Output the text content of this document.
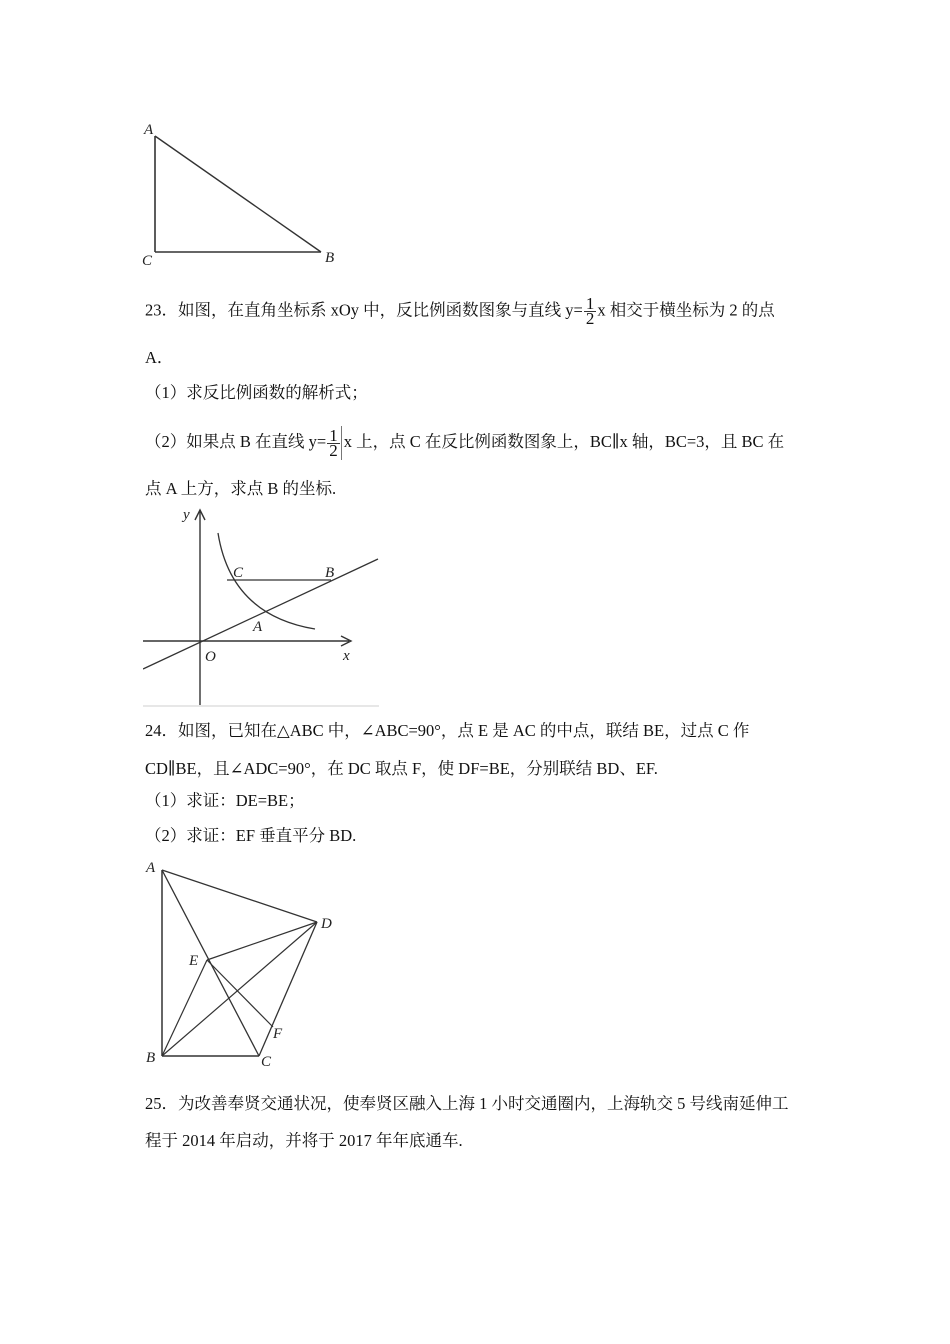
A
C	B
23．如图，在直角坐标系 xOy 中，反比例函数图象与直线 $y= \frac{1}{2}$ x 相交于横坐标为 2 的点
A．
（1）求反比例函数的解析式；
（2）如果点 B 在直线 $y= \frac{1}{2}$ x 上，点 C 在反比例函数图象上，BC∥x 轴，BC=3，且 BC 在
点 A 上方，求点 B 的坐标.
y
x
O
C	B
A
24．如图，已知在△ABC 中，∠ABC=90°，点 E 是 AC 的中点，联结 BE，过点 C 作
CD∥BE，且∠ADC=90°，在 DC 取点 F，使 DF=BE，分别联结 BD、EF.
（1）求证：DE=BE；
（2）求证：EF 垂直平分 BD.
A
B	C
D
E
F
25．为改善奉贤交通状况，使奉贤区融入上海 1 小时交通圈内，上海轨交 5 号线南延伸工
程于 2014 年启动，并将于 2017 年年底通车.
